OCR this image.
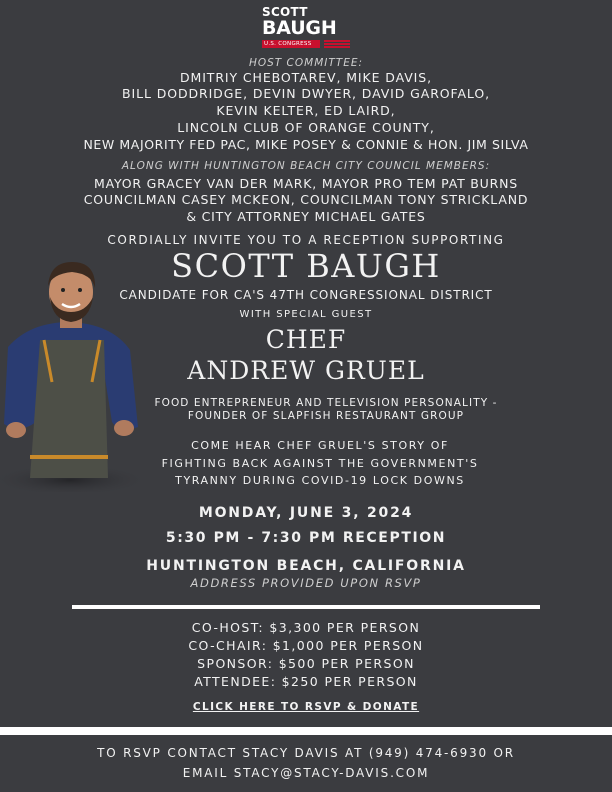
SCOTT
BAUGH
U.S. CONGRESS
HOST COMMITTEE:
DMITRIY CHEBOTAREV, MIKE DAVIS,
BILL DODDRIDGE, DEVIN DWYER, DAVID GAROFALO,
KEVIN KELTER, ED LAIRD,
LINCOLN CLUB OF ORANGE COUNTY,
NEW MAJORITY FED PAC, MIKE POSEY & CONNIE & HON. JIM SILVA
ALONG WITH HUNTINGTON BEACH CITY COUNCIL MEMBERS:
MAYOR GRACEY VAN DER MARK, MAYOR PRO TEM PAT BURNS
COUNCILMAN CASEY MCKEON, COUNCILMAN TONY STRICKLAND
& CITY ATTORNEY MICHAEL GATES
CORDIALLY INVITE YOU TO A RECEPTION SUPPORTING
SCOTT BAUGH
CANDIDATE FOR CA'S 47TH CONGRESSIONAL DISTRICT
WITH SPECIAL GUEST
CHEF
ANDREW GRUEL
FOOD ENTREPRENEUR AND TELEVISION PERSONALITY -
FOUNDER OF SLAPFISH RESTAURANT GROUP
COME HEAR CHEF GRUEL'S STORY OF
FIGHTING BACK AGAINST THE GOVERNMENT'S
TYRANNY DURING COVID-19 LOCK DOWNS
MONDAY, JUNE 3, 2024
5:30 PM - 7:30 PM RECEPTION
HUNTINGTON BEACH, CALIFORNIA
ADDRESS PROVIDED UPON RSVP
CO-HOST: $3,300 PER PERSON
CO-CHAIR: $1,000 PER PERSON
SPONSOR: $500 PER PERSON
ATTENDEE: $250 PER PERSON
CLICK HERE TO RSVP & DONATE
TO RSVP CONTACT STACY DAVIS AT (949) 474-6930 OR
EMAIL STACY@STACY-DAVIS.COM
